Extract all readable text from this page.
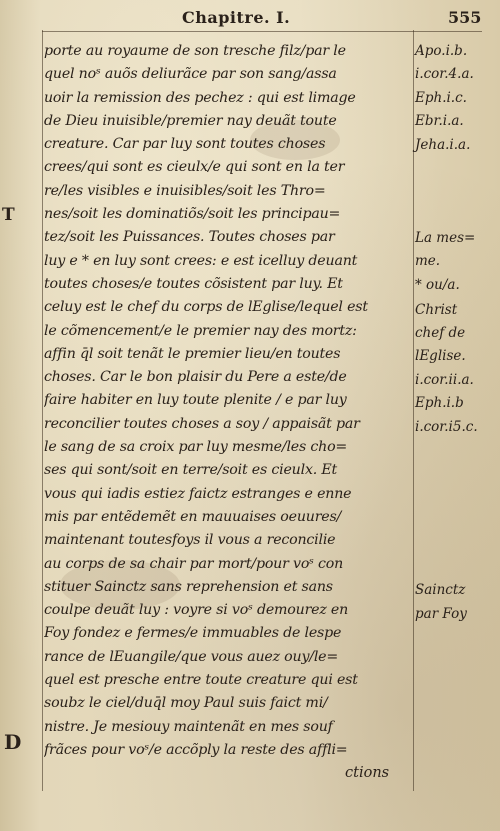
Chapitre. I.	555
porte au royaume de son tresche filz/par le
quel noˢ auõs deliurãce par son sang/assa
uoir la remission des pechez : qui est limage
de Dieu inuisible/premier nay deuãt toute
creature. Car par luy sont toutes choses
crees/qui sont es cieulx/e qui sont en la ter
re/les visibles e inuisibles/soit les Thro=
nes/soit les dominatiõs/soit les principau=
tez/soit les Puissances. Toutes choses par
luy e * en luy sont crees: e est icelluy deuant
toutes choses/e toutes cõsistent par luy. Et
celuy est le chef du corps de lEglise/lequel est
le cõmencement/e le premier nay des mortz:
affin q̄l soit tenãt le premier lieu/en toutes
choses. Car le bon plaisir du Pere a este/de
faire habiter en luy toute plenite / e par luy
reconcilier toutes choses a soy / appaisãt par
le sang de sa croix par luy mesme/les cho=
ses qui sont/soit en terre/soit es cieulx. Et
vous qui iadis estiez faictz estranges e enne
mis par entẽdemẽt en mauuaises oeuures/
maintenant toutesfoys il vous a reconcilie
au corps de sa chair par mort/pour voˢ con
stituer Sainctz sans reprehension et sans
coulpe deuãt luy : voyre si voˢ demourez en
Foy fondez e fermes/e immuables de lespe
rance de lEuangile/que vous auez ouy/le=
quel est presche entre toute creature qui est
soubz le ciel/duq̄l moy Paul suis faict mi/
nistre. Je mesiouy maintenãt en mes souf
frãces pour voˢ/e accõply la reste des affli=
T
D
Apo.i.b.
i.cor.4.a.
Eph.i.c.
Ebr.i.a.
Jeha.i.a.
La mes=
me.
* ou/a.
Christ
chef de
lEglise.
i.cor.ii.a.
Eph.i.b
i.cor.i5.c.
Sainctz
par Foy
ctions
